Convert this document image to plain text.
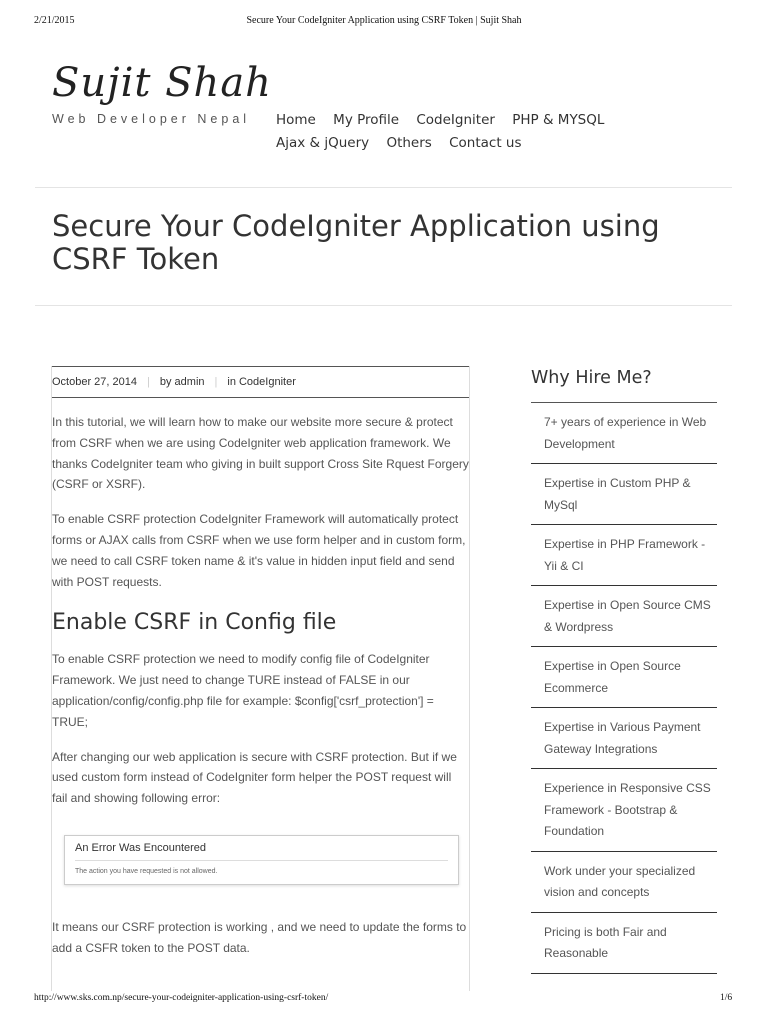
2/21/2015	Secure Your CodeIgniter Application using CSRF Token | Sujit Shah
Sujit Shah
Web Developer Nepal Home My Profile CodeIgniter PHP & MYSQL Ajax & jQuery Others Contact us
Secure Your CodeIgniter Application using CSRF Token
October 27, 2014 | by admin | in CodeIgniter

In this tutorial, we will learn how to make our website more secure & protect from CSRF when we are using CodeIgniter web application framework. We thanks CodeIgniter team who giving in built support Cross Site Rquest Forgery (CSRF or XSRF).

To enable CSRF protection CodeIgniter Framework will automatically protect forms or AJAX calls from CSRF when we use form helper and in custom form, we need to call CSRF token name & it's value in hidden input field and send with POST requests.

Enable CSRF in Config file

To enable CSRF protection we need to modify config file of CodeIgniter Framework. We just need to change TURE instead of FALSE in our application/config/config.php file for example: $config['csrf_protection'] = TRUE;

After changing our web application is secure with CSRF protection. But if we used custom form instead of CodeIgniter form helper the POST request will fail and showing following error:

An Error Was Encountered
The action you have requested is not allowed.

It means our CSRF protection is working , and we need to update the forms to add a CSFR token to the POST data.

Why Hire Me?
7+ years of experience in Web Development
Expertise in Custom PHP & MySql
Expertise in PHP Framework - Yii & CI
Expertise in Open Source CMS & Wordpress
Expertise in Open Source Ecommerce
Expertise in Various Payment Gateway Integrations
Experience in Responsive CSS Framework - Bootstrap & Foundation
Work under your specialized vision and concepts
Pricing is both Fair and Reasonable
http://www.sks.com.np/secure-your-codeigniter-application-using-csrf-token/	1/6
